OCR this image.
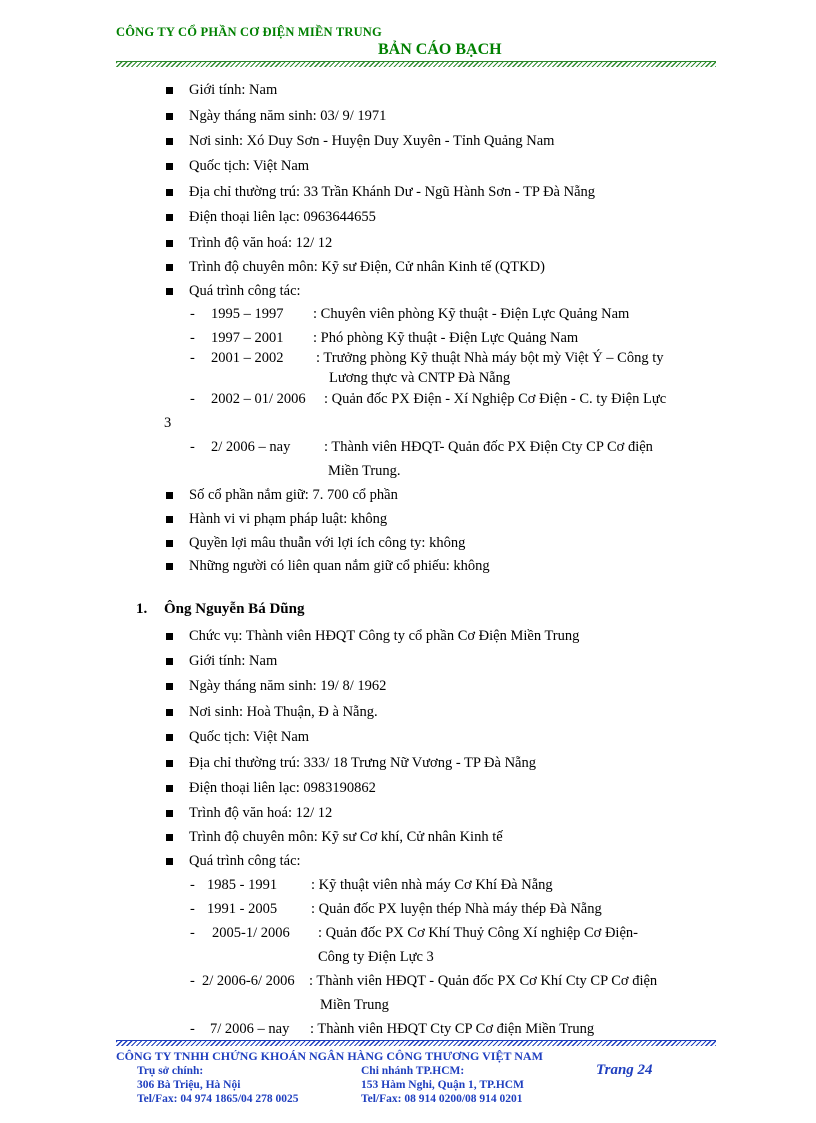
CÔNG TY CỔ PHẦN CƠ ĐIỆN MIỀN TRUNG
BẢN CÁO BẠCH
Giới tính: Nam
Ngày tháng năm sinh: 03/ 9/ 1971
Nơi sinh: Xó Duy Sơn - Huyện Duy Xuyên - Tỉnh Quảng Nam
Quốc tịch: Việt Nam
Địa chỉ thường trú: 33 Trần Khánh Dư - Ngũ Hành Sơn - TP Đà Nẵng
Điện thoại liên lạc: 0963644655
Trình độ văn hoá: 12/ 12
Trình độ chuyên môn: Kỹ sư Điện, Cử nhân Kinh tế (QTKD)
Quá trình công tác:
- 1995 – 1997 : Chuyên viên phòng Kỹ thuật - Điện Lực Quảng Nam
- 1997 – 2001 : Phó phòng Kỹ thuật - Điện Lực Quảng Nam
- 2001 – 2002 : Trưởng phòng Kỹ thuật Nhà máy bột mỳ Việt Ý – Công ty
Lương thực và CNTP Đà Nẵng
- 2002 – 01/ 2006 : Quản đốc PX Điện - Xí Nghiệp Cơ Điện - C. ty Điện Lực
3
- 2/ 2006 – nay : Thành viên HĐQT- Quản đốc PX Điện Cty CP Cơ điện
Miền Trung.
Số cổ phần nắm giữ: 7. 700 cổ phần
Hành vi vi phạm pháp luật: không
Quyền lợi mâu thuẫn với lợi ích công ty: không
Những người có liên quan nắm giữ cổ phiếu: không
1. Ông Nguyễn Bá Dũng
Chức vụ: Thành viên HĐQT Công ty cổ phần Cơ Điện Miền Trung
Giới tính: Nam
Ngày tháng năm sinh: 19/ 8/ 1962
Nơi sinh: Hoà Thuận, Đ à Nẵng.
Quốc tịch: Việt Nam
Địa chỉ thường trú: 333/ 18 Trưng Nữ Vương - TP Đà Nẵng
Điện thoại liên lạc: 0983190862
Trình độ văn hoá: 12/ 12
Trình độ chuyên môn: Kỹ sư Cơ khí, Cử nhân Kinh tế
Quá trình công tác:
- 1985 - 1991 : Kỹ thuật viên nhà máy Cơ Khí Đà Nẵng
- 1991 - 2005 : Quản đốc PX luyện thép Nhà máy thép Đà Nẵng
- 2005-1/ 2006 : Quản đốc PX Cơ Khí Thuỷ Công Xí nghiệp Cơ Điện-
Công ty Điện Lực 3
- 2/ 2006-6/ 2006 : Thành viên HĐQT - Quản đốc PX Cơ Khí Cty CP Cơ điện
Miền Trung
- 7/ 2006 – nay : Thành viên HĐQT Cty CP Cơ điện Miền Trung
CÔNG TY TNHH CHỨNG KHOÁN NGÂN HÀNG CÔNG THƯƠNG VIỆT NAM
Trụ sở chính:
306 Bà Triệu, Hà Nội
Tel/Fax: 04 974 1865/04 278 0025
Chi nhánh TP.HCM:
153 Hàm Nghi, Quận 1, TP.HCM
Tel/Fax: 08 914 0200/08 914 0201
Trang 24
